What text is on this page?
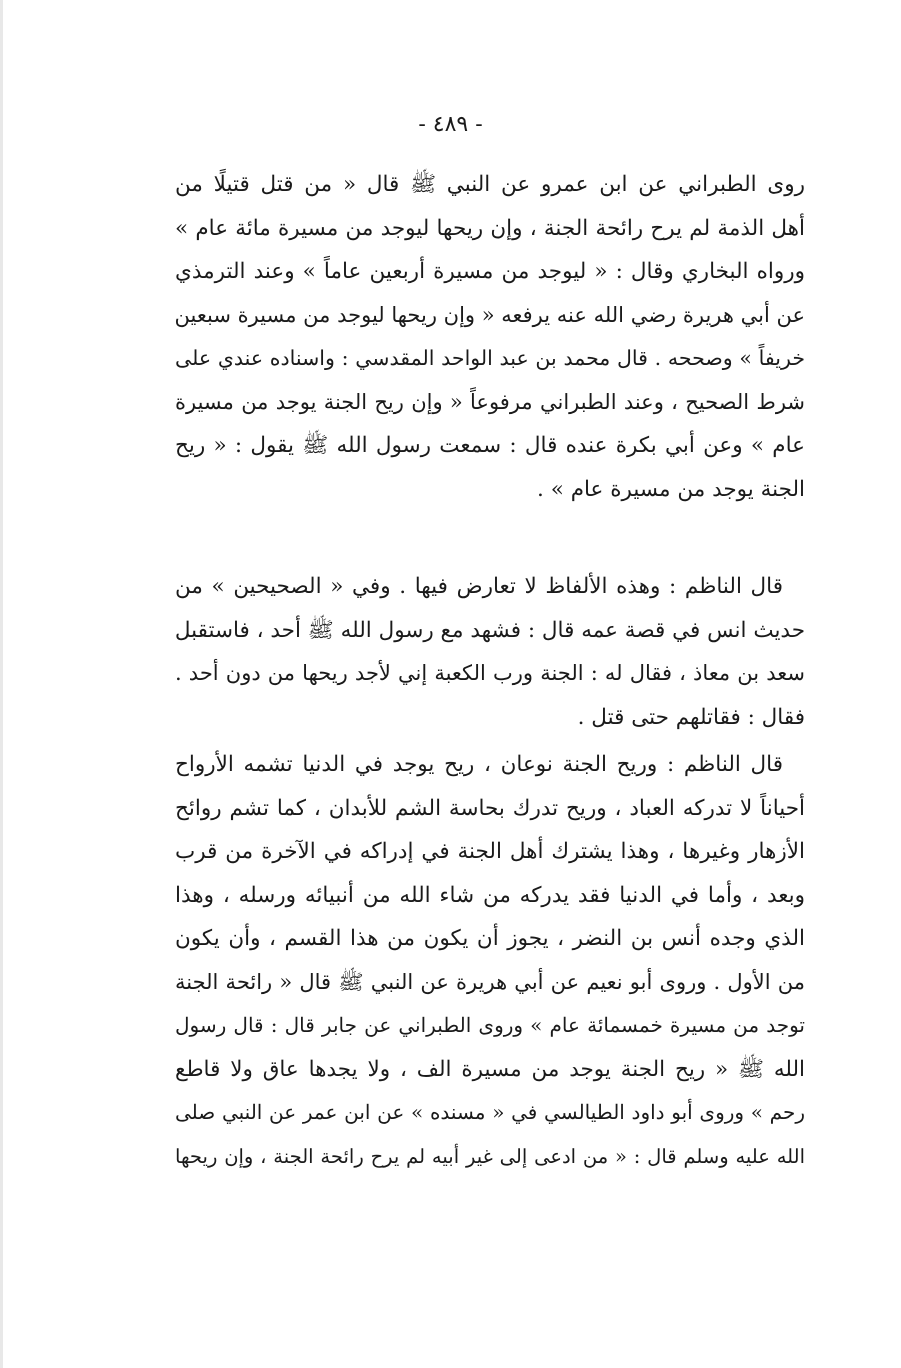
- ٤٨٩ -
روى الطبراني عن ابن عمرو عن النبي ﷺ قال « من قتل قتيلًا من
أهل الذمة لم يرح رائحة الجنة ، وإن ريحها ليوجد من مسيرة مائة عام »
ورواه البخاري وقال : « ليوجد من مسيرة أربعين عاماً » وعند الترمذي
عن أبي هريرة رضي الله عنه يرفعه « وإن ريحها ليوجد من مسيرة سبعين
خريفاً » وصححه . قال محمد بن عبد الواحد المقدسي : واسناده عندي على
شرط الصحيح ، وعند الطبراني مرفوعاً « وإن ريح الجنة يوجد من مسيرة
عام » وعن أبي بكرة عنده قال : سمعت رسول الله ﷺ يقول : « ريح
الجنة يوجد من مسيرة عام » .
قال الناظم : وهذه الألفاظ لا تعارض فيها . وفي « الصحيحين » من
حديث انس في قصة عمه قال : فشهد مع رسول الله ﷺ أحد ، فاستقبل
سعد بن معاذ ، فقال له : الجنة ورب الكعبة إني لأجد ريحها من دون أحد .
فقال : فقاتلهم حتى قتل .
قال الناظم : وريح الجنة نوعان ، ريح يوجد في الدنيا تشمه الأرواح
أحياناً لا تدركه العباد ، وريح تدرك بحاسة الشم للأبدان ، كما تشم روائح
الأزهار وغيرها ، وهذا يشترك أهل الجنة في إدراكه في الآخرة من قرب
وبعد ، وأما في الدنيا فقد يدركه من شاء الله من أنبيائه ورسله ، وهذا
الذي وجده أنس بن النضر ، يجوز أن يكون من هذا القسم ، وأن يكون
من الأول . وروى أبو نعيم عن أبي هريرة عن النبي ﷺ قال « رائحة الجنة
توجد من مسيرة خمسمائة عام » وروى الطبراني عن جابر قال : قال رسول
الله ﷺ « ريح الجنة يوجد من مسيرة الف ، ولا يجدها عاق ولا قاطع
رحم » وروى أبو داود الطيالسي في « مسنده » عن ابن عمر عن النبي صلى
الله عليه وسلم قال : « من ادعى إلى غير أبيه لم يرح رائحة الجنة ، وإن ريحها
